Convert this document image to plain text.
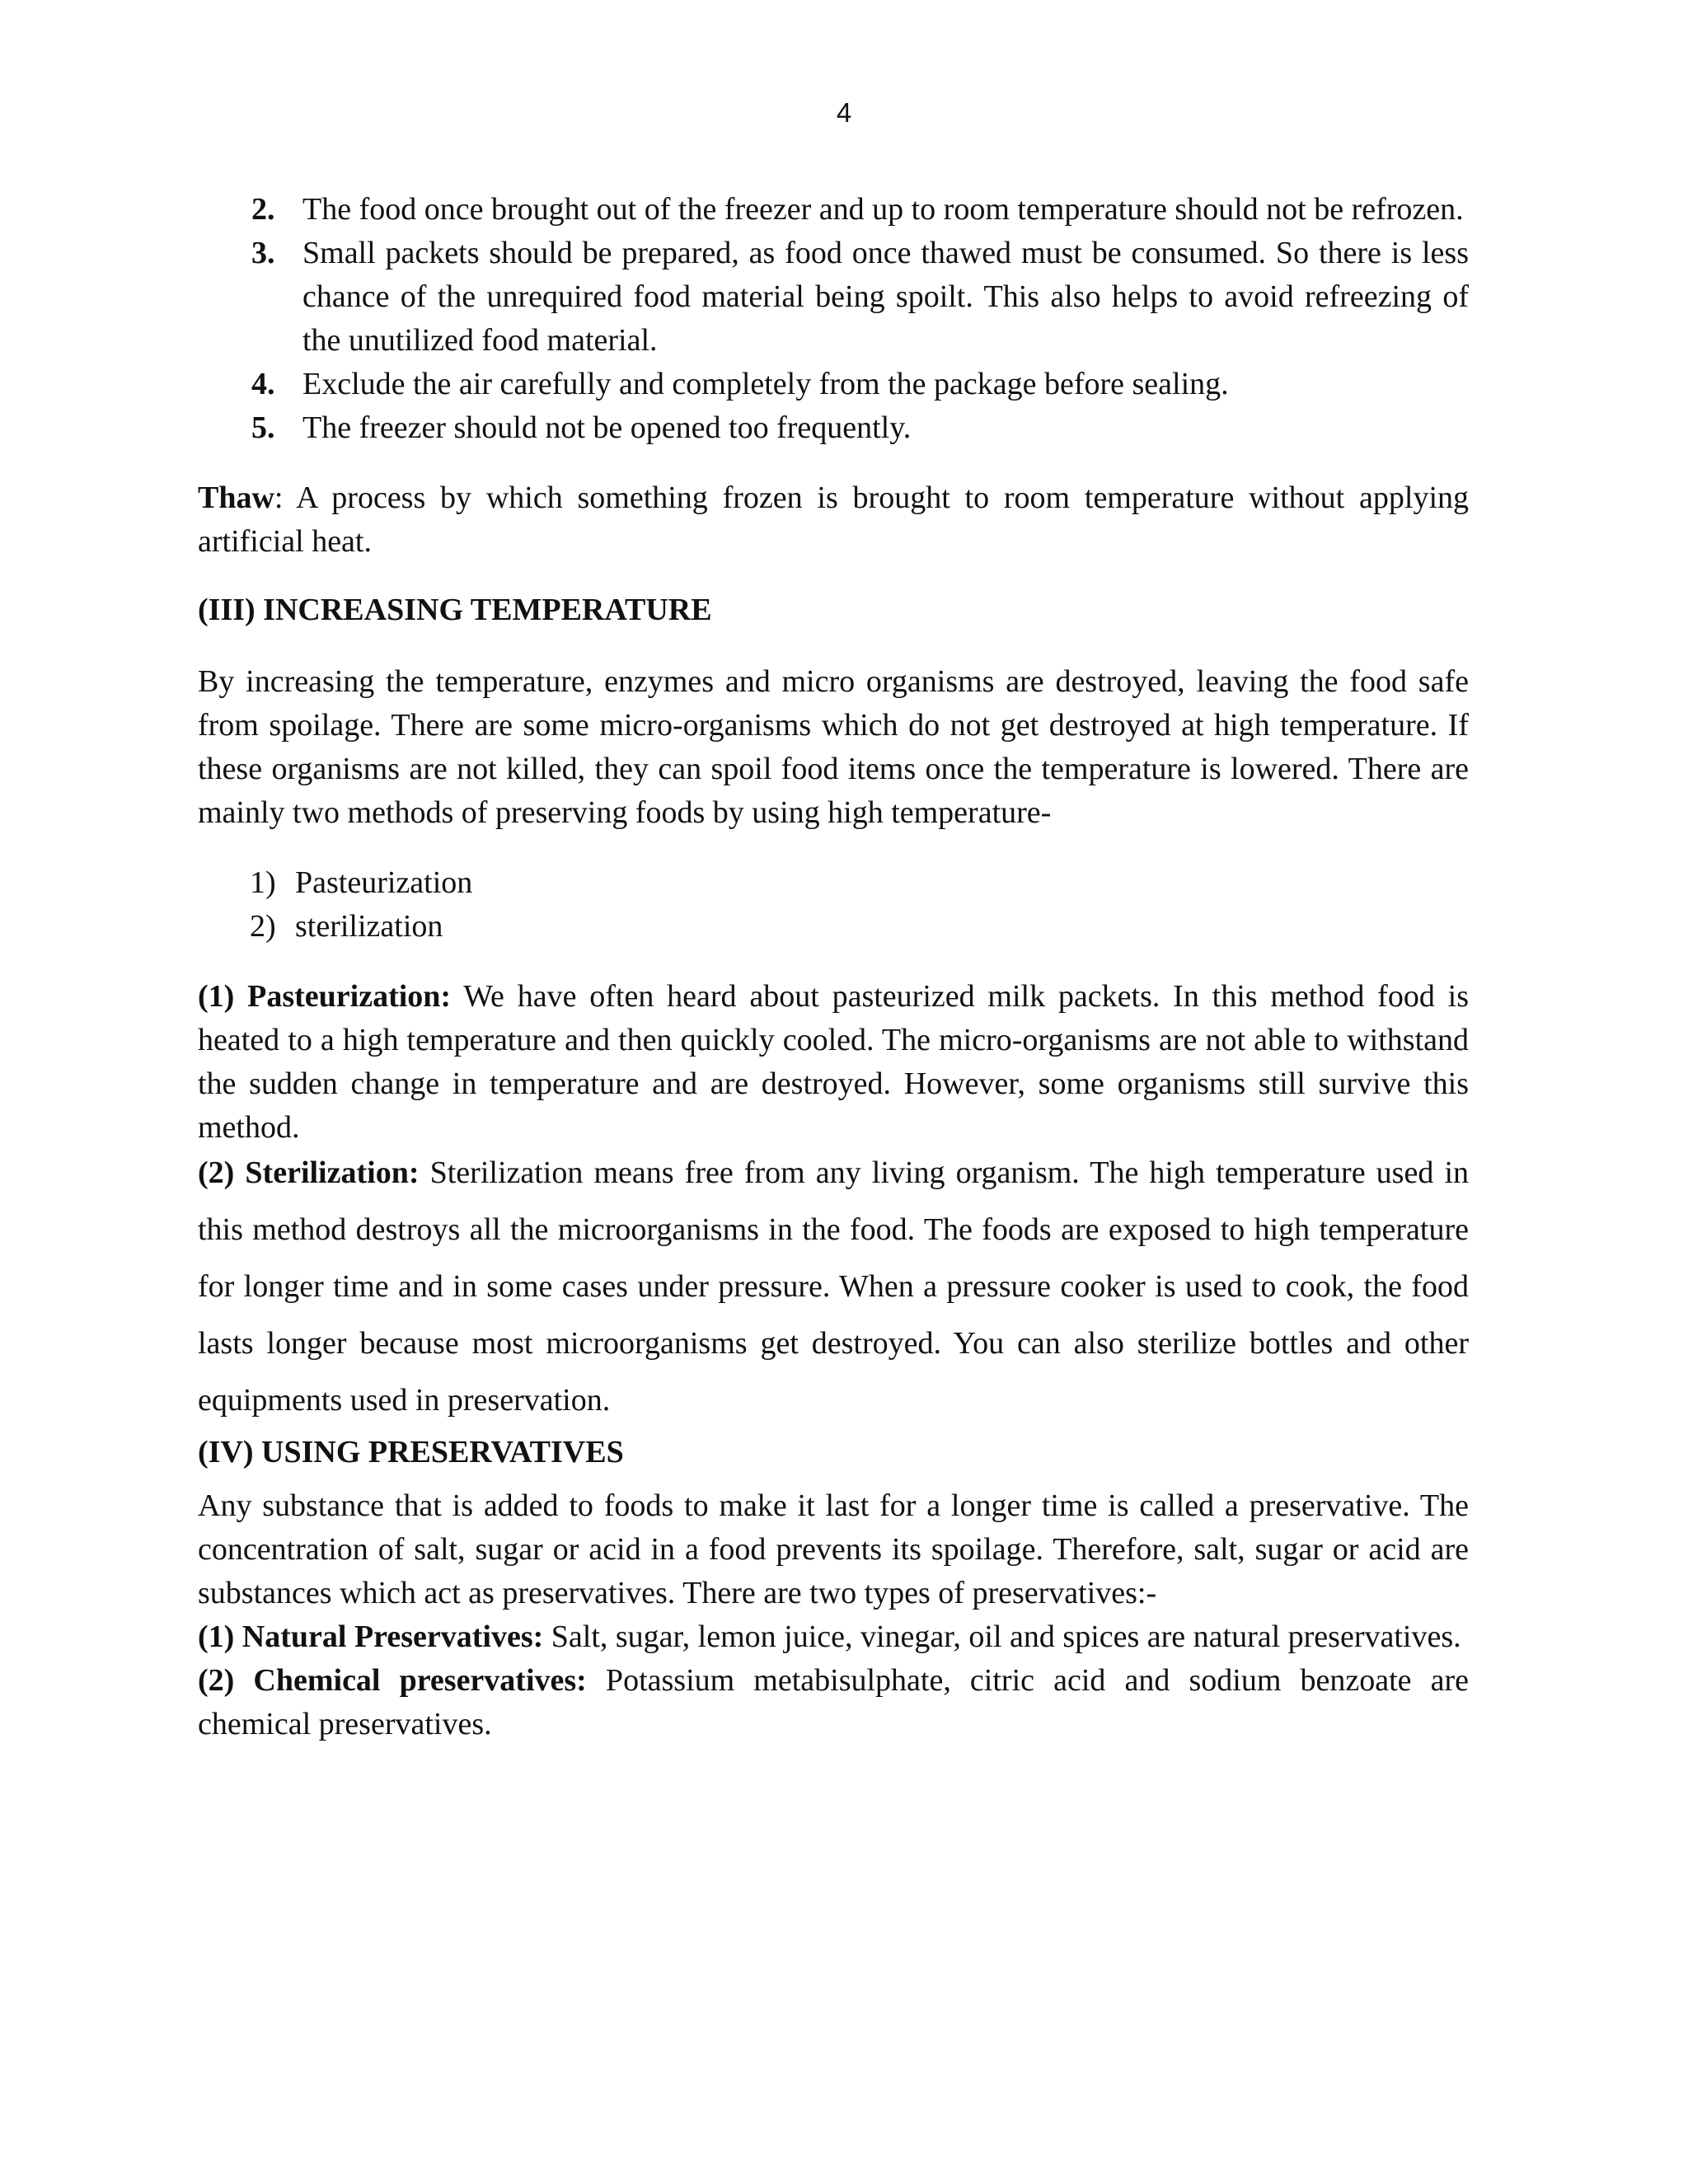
4
2. The food once brought out of the freezer and up to room temperature should not be refrozen.
3. Small packets should be prepared, as food once thawed must be consumed. So there is less chance of the unrequired food material being spoilt. This also helps to avoid refreezing of the unutilized food material.
4. Exclude the air carefully and completely from the package before sealing.
5. The freezer should not be opened too frequently.

Thaw: A process by which something frozen is brought to room temperature without applying artificial heat.

(III) INCREASING TEMPERATURE

By increasing the temperature, enzymes and micro organisms are destroyed, leaving the food safe from spoilage. There are some micro-organisms which do not get destroyed at high temperature. If these organisms are not killed, they can spoil food items once the temperature is lowered. There are mainly two methods of preserving foods by using high temperature-

1) Pasteurization
2) sterilization

(1) Pasteurization: We have often heard about pasteurized milk packets. In this method food is heated to a high temperature and then quickly cooled. The micro-organisms are not able to withstand the sudden change in temperature and are destroyed. However, some organisms still survive this method.

(2) Sterilization: Sterilization means free from any living organism. The high temperature used in this method destroys all the microorganisms in the food. The foods are exposed to high temperature for longer time and in some cases under pressure. When a pressure cooker is used to cook, the food lasts longer because most microorganisms get destroyed. You can also sterilize bottles and other equipments used in preservation.

(IV) USING PRESERVATIVES

Any substance that is added to foods to make it last for a longer time is called a preservative. The concentration of salt, sugar or acid in a food prevents its spoilage. Therefore, salt, sugar or acid are substances which act as preservatives. There are two types of preservatives:-

(1) Natural Preservatives: Salt, sugar, lemon juice, vinegar, oil and spices are natural preservatives.

(2) Chemical preservatives: Potassium metabisulphate, citric acid and sodium benzoate are chemical preservatives.
